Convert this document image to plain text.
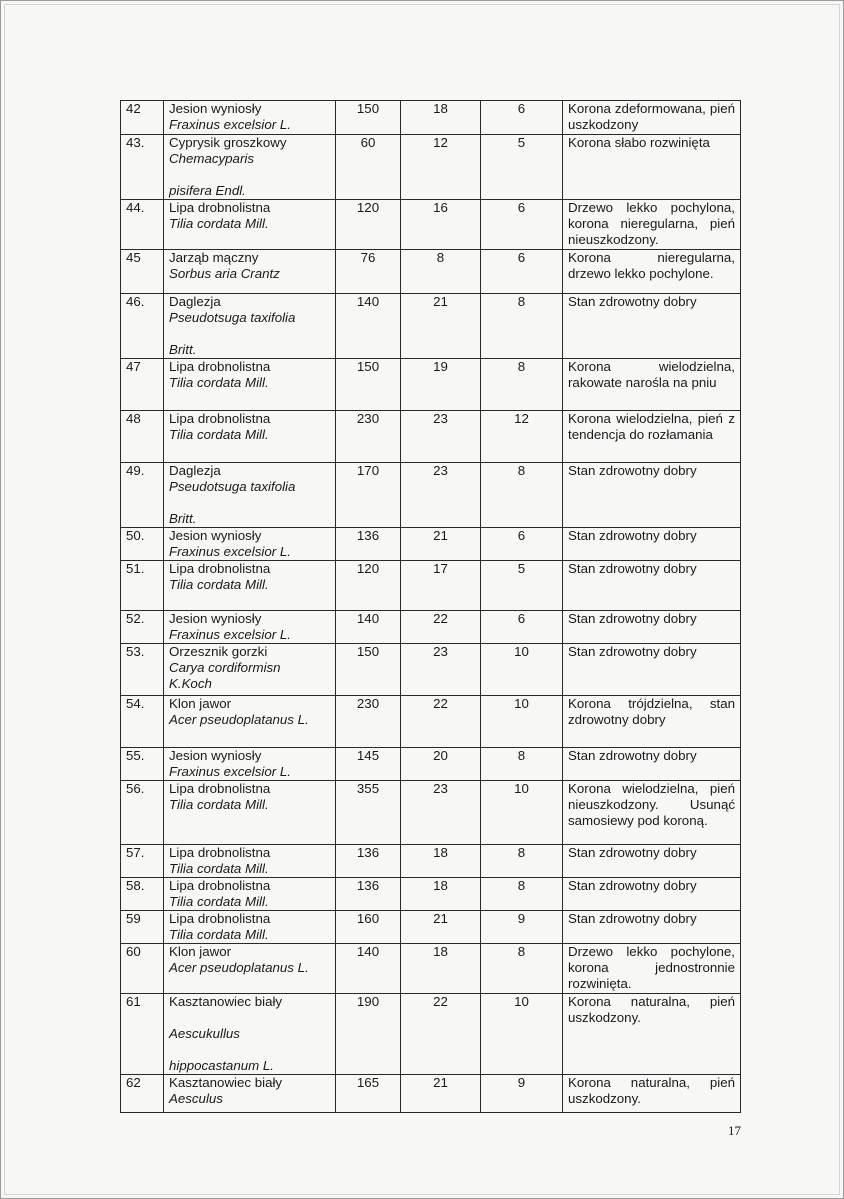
42	Jesion wyniosły
Fraxinus excelsior L.	150	18	6	Korona zdeformowana, pień uszkodzony
43.	Cyprysik groszkowy
Chemacyparis

pisifera Endl.	60	12	5	Korona słabo rozwinięta
44.	Lipa drobnolistna
Tilia cordata Mill.	120	16	6	Drzewo lekko pochylona, korona nieregularna, pień nieuszkodzony.
45	Jarząb mączny
Sorbus aria Crantz	76	8	6	Korona nieregularna, drzewo lekko pochylone.
46.	Daglezja
Pseudotsuga taxifolia

Britt.	140	21	8	Stan zdrowotny dobry
47	Lipa drobnolistna
Tilia cordata Mill.	150	19	8	Korona wielodzielna, rakowate narośla na pniu
48	Lipa drobnolistna
Tilia cordata Mill.	230	23	12	Korona wielodzielna, pień z tendencja do rozłamania
49.	Daglezja
Pseudotsuga taxifolia

Britt.	170	23	8	Stan zdrowotny dobry
50.	Jesion wyniosły
Fraxinus excelsior L.	136	21	6	Stan zdrowotny dobry
51.	Lipa drobnolistna
Tilia cordata Mill.	120	17	5	Stan zdrowotny dobry
52.	Jesion wyniosły
Fraxinus excelsior L.	140	22	6	Stan zdrowotny dobry
53.	Orzesznik gorzki
Carya cordiformisn
K.Koch	150	23	10	Stan zdrowotny dobry
54.	Klon jawor
Acer pseudoplatanus L.	230	22	10	Korona trójdzielna, stan zdrowotny dobry
55.	Jesion wyniosły
Fraxinus excelsior L.	145	20	8	Stan zdrowotny dobry
56.	Lipa drobnolistna
Tilia cordata Mill.	355	23	10	Korona wielodzielna, pień nieuszkodzony. Usunąć samosiewy pod koroną.
57.	Lipa drobnolistna
Tilia cordata Mill.	136	18	8	Stan zdrowotny dobry
58.	Lipa drobnolistna
Tilia cordata Mill.	136	18	8	Stan zdrowotny dobry
59	Lipa drobnolistna
Tilia cordata Mill.	160	21	9	Stan zdrowotny dobry
60	Klon jawor
Acer pseudoplatanus L.	140	18	8	Drzewo lekko pochylone, korona jednostronnie rozwinięta.
61	Kasztanowiec biały

Aescukullus

hippocastanum L.	190	22	10	Korona naturalna, pień uszkodzony.
62	Kasztanowiec biały
Aesculus	165	21	9	Korona naturalna, pień uszkodzony.
17
